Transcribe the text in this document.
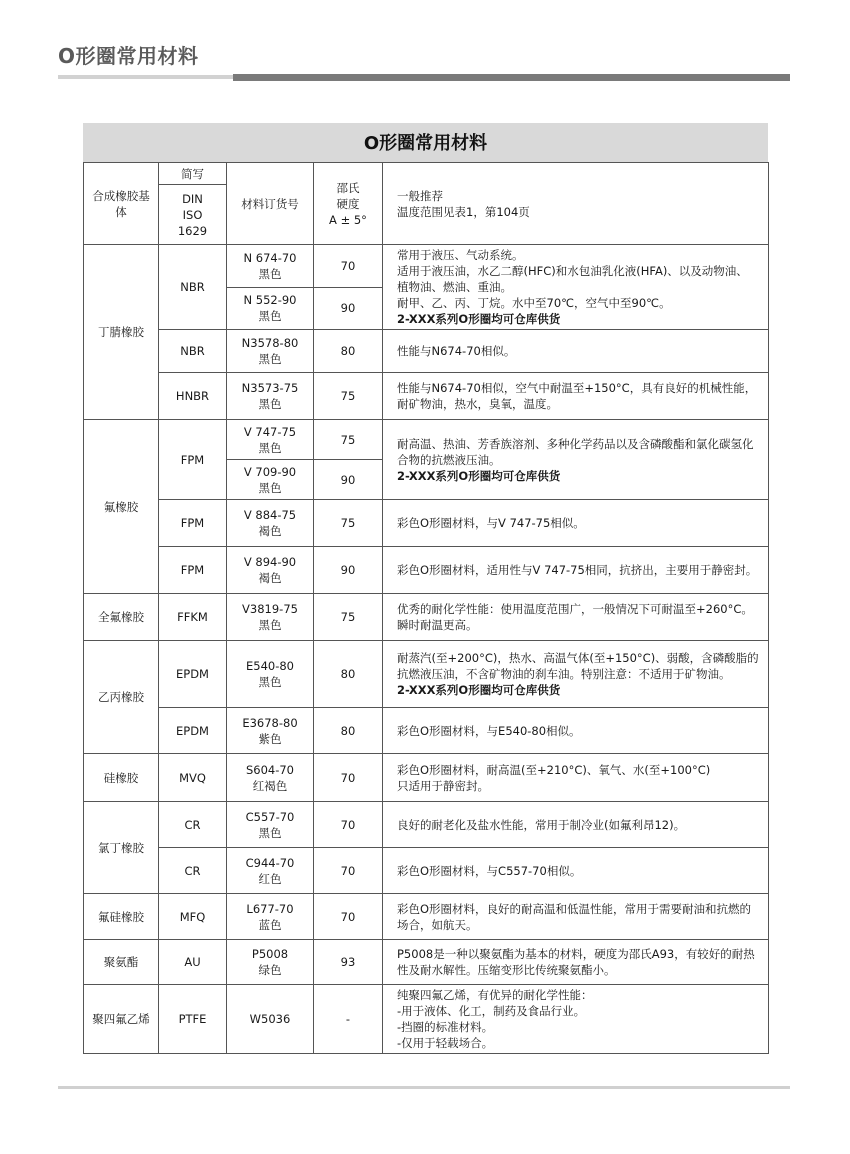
O形圈常用材料
O形圈常用材料
合成橡胶基体	简写	材料订货号	邵氏
硬度
A ± 5°	一般推荐
温度范围见表1，第104页

	DIN
ISO
1629			

丁腈橡胶	NBR	N 674-70
黑色	70	常用于液压、气动系统。
适用于液压油，水乙二醇(HFC)和水包油乳化液(HFA)、以及动物油、
植物油、燃油、重油。
耐甲、乙、丙、丁烷。水中至70℃，空气中至90℃。
2-XXX系列O形圈均可仓库供货

		N 552-90
黑色	90	
	NBR	N3578-80
黑色	80	性能与N674-70相似。

	HNBR	N3573-75
黑色	75	性能与N674-70相似，空气中耐温至+150°C，具有良好的机械性能，
耐矿物油，热水，臭氧，温度。

氟橡胶	FPM	V 747-75
黑色	75	耐高温、热油、芳香族溶剂、多种化学药品以及含磷酸酯和氯化碳氢化
合物的抗燃液压油。
2-XXX系列O形圈均可仓库供货

		V 709-90
黑色	90	
	FPM	V 884-75
褐色	75	彩色O形圈材料，与V 747-75相似。

	FPM	V 894-90
褐色	90	彩色O形圈材料，适用性与V 747-75相同，抗挤出，主要用于静密封。

全氟橡胶	FFKM	V3819-75
黑色	75	优秀的耐化学性能：使用温度范围广，一般情况下可耐温至+260°C。
瞬时耐温更高。

乙丙橡胶	EPDM	E540-80
黑色	80	耐蒸汽(至+200°C)，热水、高温气体(至+150°C)、弱酸，含磷酸脂的
抗燃液压油，不含矿物油的刹车油。特别注意：不适用于矿物油。
2-XXX系列O形圈均可仓库供货

	EPDM	E3678-80
紫色	80	彩色O形圈材料，与E540-80相似。

硅橡胶	MVQ	S604-70
红褐色	70	彩色O形圈材料，耐高温(至+210°C)、氧气、水(至+100°C)
只适用于静密封。

氯丁橡胶	CR	C557-70
黑色	70	良好的耐老化及盐水性能，常用于制冷业(如氟利昂12)。

	CR	C944-70
红色	70	彩色O形圈材料，与C557-70相似。

氟硅橡胶	MFQ	L677-70
蓝色	70	彩色O形圈材料，良好的耐高温和低温性能，常用于需要耐油和抗燃的
场合，如航天。

聚氨酯	AU	P5008
绿色	93	P5008是一种以聚氨酯为基本的材料，硬度为邵氏A93，有较好的耐热
性及耐水解性。压缩变形比传统聚氨酯小。

聚四氟乙烯	PTFE	W5036	-	纯聚四氟乙烯，有优异的耐化学性能：
-用于液体、化工，制药及食品行业。
-挡圈的标准材料。
-仅用于轻载场合。
